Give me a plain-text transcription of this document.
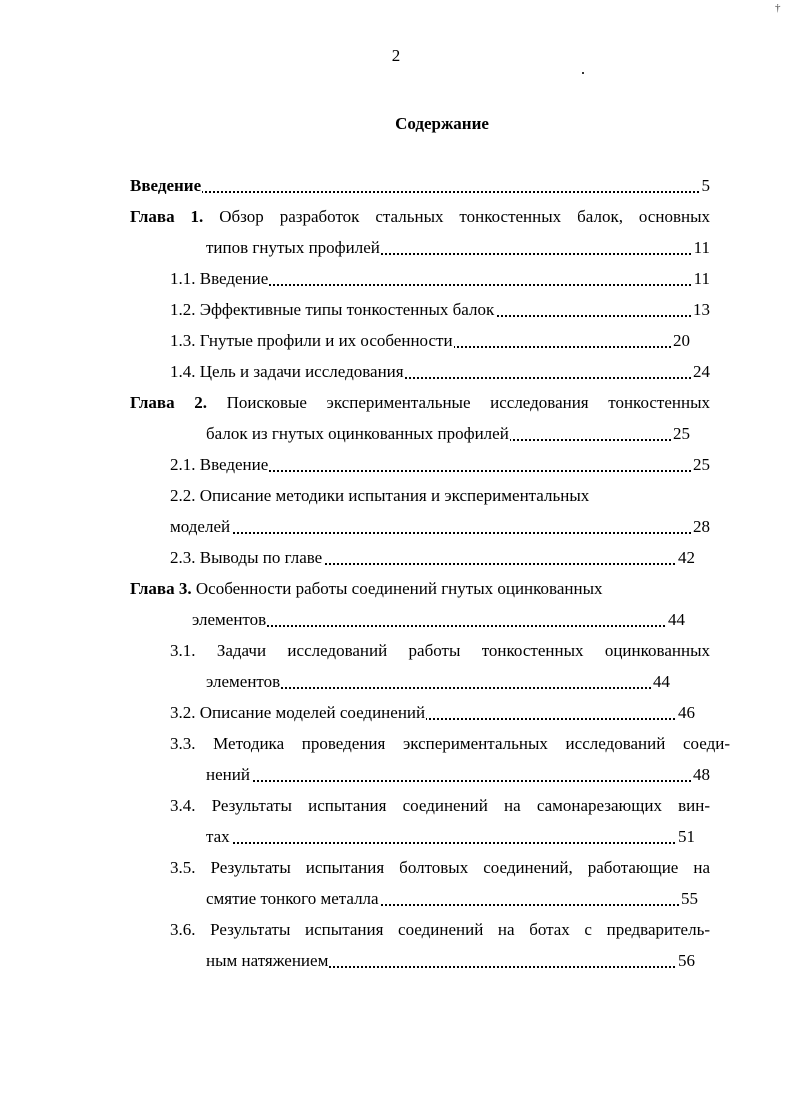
†
2
Содержание
Введение	5
Глава 1. Обзор разработок стальных тонкостенных балок, основных
типов гнутых профилей	11
1.1. Введение	11
1.2. Эффективные типы тонкостенных балок	13
1.3. Гнутые профили и их особенности	20
1.4. Цель и задачи исследования	24
Глава 2. Поисковые экспериментальные исследования тонкостенных
балок из гнутых оцинкованных профилей	25
2.1. Введение	25
2.2. Описание методики испытания и экспериментальных
моделей	28
2.3. Выводы по главе	42
Глава 3. Особенности работы соединений гнутых оцинкованных
элементов	44
3.1. Задачи исследований работы тонкостенных оцинкованных
элементов	44
3.2. Описание моделей соединений	46
3.3. Методика проведения экспериментальных исследований соеди-
нений	48
3.4. Результаты испытания соединений на самонарезающих вин-
тах	51
3.5. Результаты испытания болтовых соединений, работающие на
смятие тонкого металла	55
3.6. Результаты испытания соединений на ботах с предваритель-
ным натяжением	56
